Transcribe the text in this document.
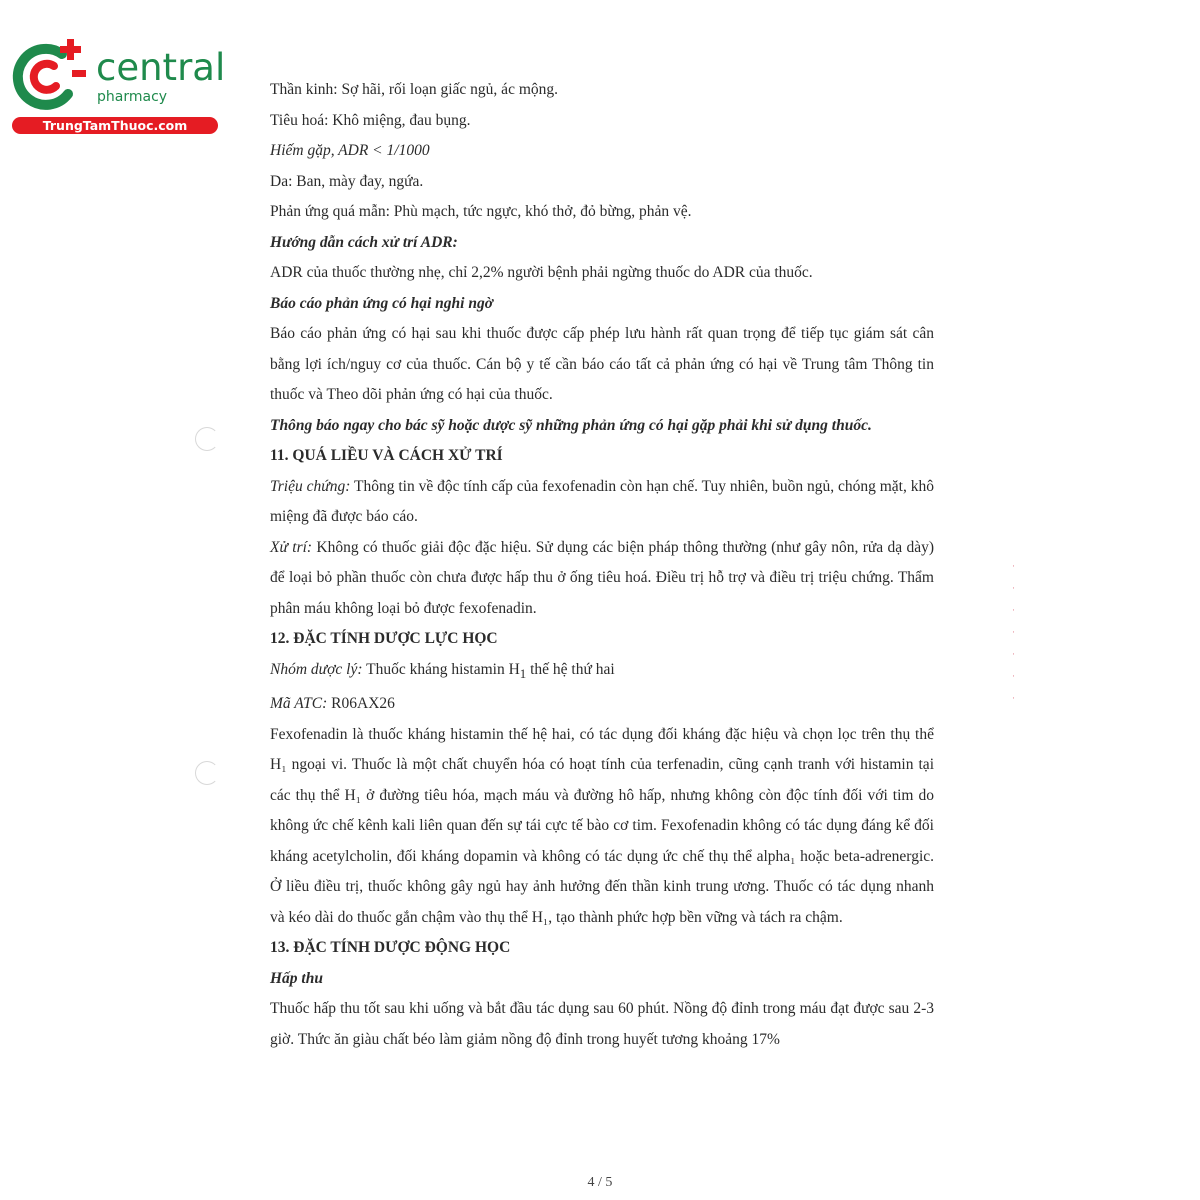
central
pharmacy
TrungTamThuoc.com
·
·
·
·
·
·
·

Thần kinh: Sợ hãi, rối loạn giấc ngủ, ác mộng.

Tiêu hoá: Khô miệng, đau bụng.

Hiếm gặp, ADR < 1/1000

Da: Ban, mày đay, ngứa.

Phản ứng quá mẫn: Phù mạch, tức ngực, khó thở, đỏ bừng, phản vệ.

Hướng dẫn cách xử trí ADR:

ADR của thuốc thường nhẹ, chỉ 2,2% người bệnh phải ngừng thuốc do ADR của thuốc.

Báo cáo phản ứng có hại nghi ngờ

Báo cáo phản ứng có hại sau khi thuốc được cấp phép lưu hành rất quan trọng để tiếp tục giám sát cân bằng lợi ích/nguy cơ của thuốc. Cán bộ y tế cần báo cáo tất cả phản ứng có hại về Trung tâm Thông tin thuốc và Theo dõi phản ứng có hại của thuốc.

Thông báo ngay cho bác sỹ hoặc dược sỹ những phản ứng có hại gặp phải khi sử dụng thuốc.

11. QUÁ LIỀU VÀ CÁCH XỬ TRÍ

Triệu chứng: Thông tin về độc tính cấp của fexofenadin còn hạn chế. Tuy nhiên, buồn ngủ, chóng mặt, khô miệng đã được báo cáo.

Xử trí: Không có thuốc giải độc đặc hiệu. Sử dụng các biện pháp thông thường (như gây nôn, rửa dạ dày) để loại bỏ phần thuốc còn chưa được hấp thu ở ống tiêu hoá. Điều trị hỗ trợ và điều trị triệu chứng. Thẩm phân máu không loại bỏ được fexofenadin.

12. ĐẶC TÍNH DƯỢC LỰC HỌC

Nhóm dược lý: Thuốc kháng histamin $H_1$ thế hệ thứ hai

Mã ATC: R06AX26

Fexofenadin là thuốc kháng histamin thế hệ hai, có tác dụng đối kháng đặc hiệu và chọn lọc trên thụ thể H₁ ngoại vi. Thuốc là một chất chuyển hóa có hoạt tính của terfenadin, cũng cạnh tranh với histamin tại các thụ thể H₁ ở đường tiêu hóa, mạch máu và đường hô hấp, nhưng không còn độc tính đối với tim do không ức chế kênh kali liên quan đến sự tái cực tế bào cơ tim. Fexofenadin không có tác dụng đáng kể đối kháng acetylcholin, đối kháng dopamin và không có tác dụng ức chế thụ thể alpha₁ hoặc beta-adrenergic. Ở liều điều trị, thuốc không gây ngủ hay ảnh hưởng đến thần kinh trung ương. Thuốc có tác dụng nhanh và kéo dài do thuốc gắn chậm vào thụ thể H₁, tạo thành phức hợp bền vững và tách ra chậm.

13. ĐẶC TÍNH DƯỢC ĐỘNG HỌC

Hấp thu

Thuốc hấp thu tốt sau khi uống và bắt đầu tác dụng sau 60 phút. Nồng độ đỉnh trong máu đạt được sau 2-3 giờ. Thức ăn giàu chất béo làm giảm nồng độ đỉnh trong huyết tương khoảng 17%

4 / 5
